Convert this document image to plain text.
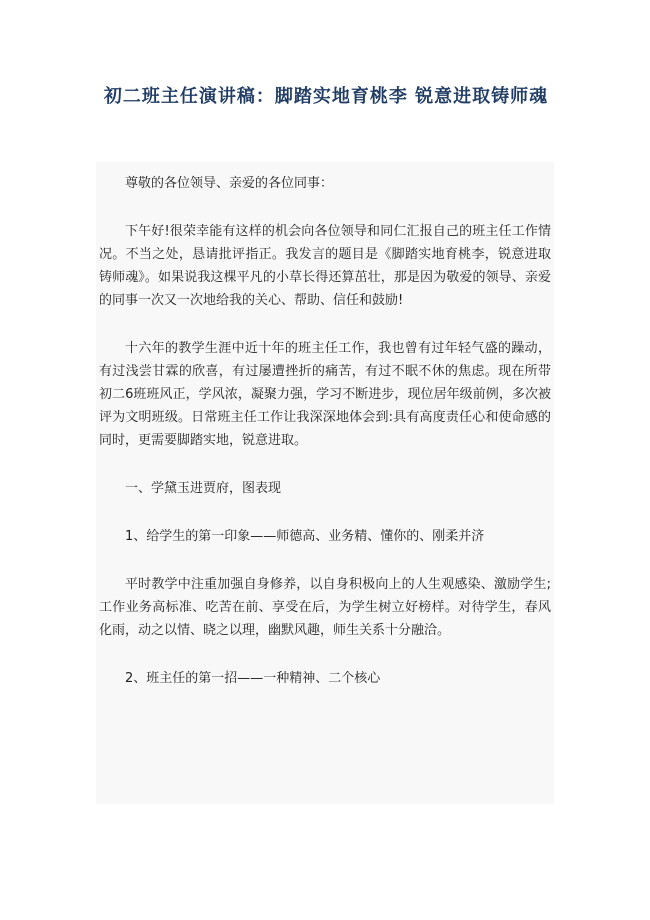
初二班主任演讲稿：脚踏实地育桃李 锐意进取铸师魂

尊敬的各位领导、亲爱的各位同事：

下午好!很荣幸能有这样的机会向各位领导和同仁汇报自己的班主任工作情况。不当之处，恳请批评指正。我发言的题目是《脚踏实地育桃李，锐意进取铸师魂》。如果说我这棵平凡的小草长得还算茁壮，那是因为敬爱的领导、亲爱的同事一次又一次地给我的关心、帮助、信任和鼓励!

十六年的教学生涯中近十年的班主任工作，我也曾有过年轻气盛的躁动，有过浅尝甘霖的欣喜，有过屡遭挫折的痛苦，有过不眠不休的焦虑。现在所带初二6班班风正，学风浓，凝聚力强，学习不断进步，现位居年级前例，多次被评为文明班级。日常班主任工作让我深深地体会到:具有高度责任心和使命感的同时，更需要脚踏实地，锐意进取。

一、学黛玉进贾府，图表现

1、给学生的第一印象——师德高、业务精、懂你的、刚柔并济

平时教学中注重加强自身修养，以自身积极向上的人生观感染、激励学生;工作业务高标准、吃苦在前、享受在后，为学生树立好榜样。对待学生，春风化雨，动之以情、晓之以理，幽默风趣，师生关系十分融洽。

2、班主任的第一招——一种精神、二个核心
